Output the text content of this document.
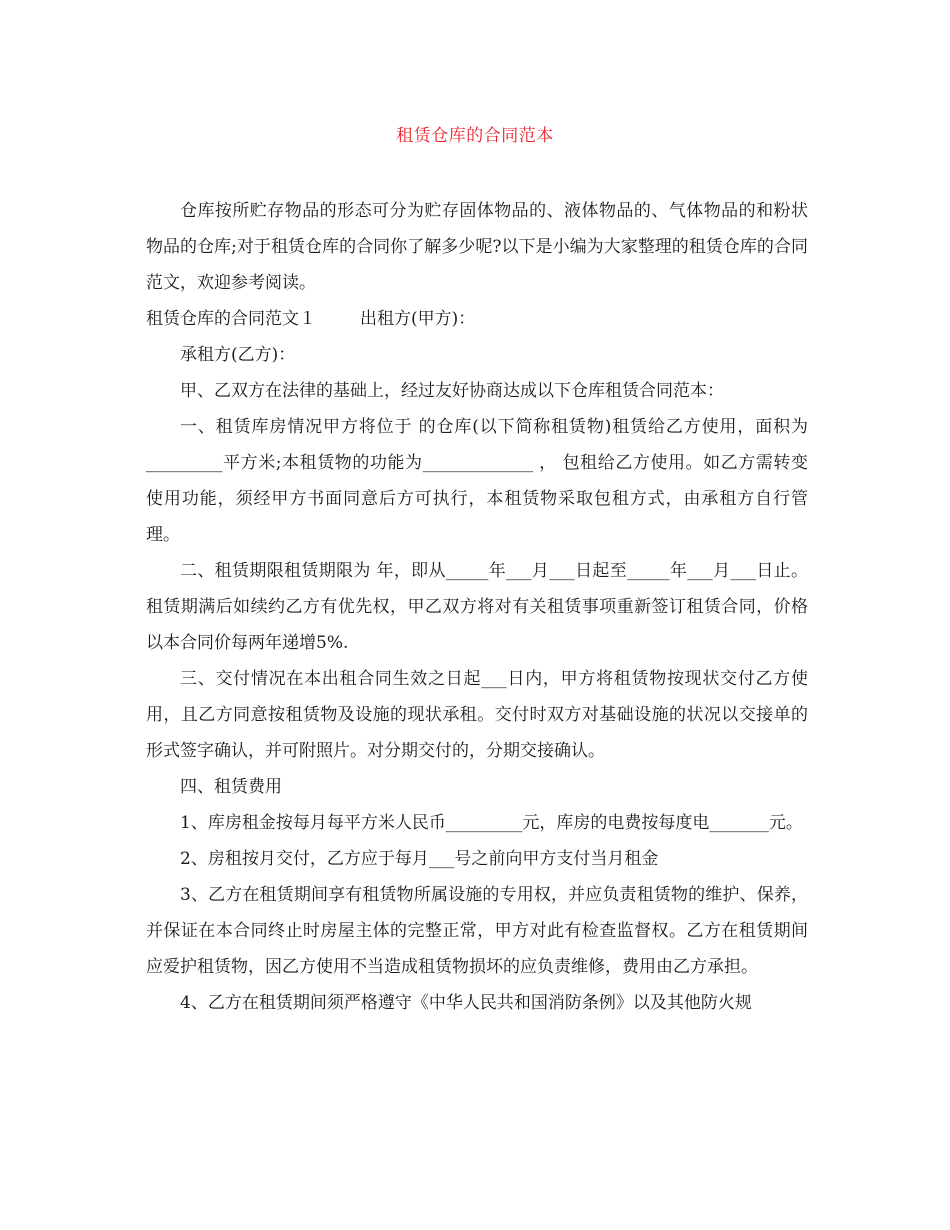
租赁仓库的合同范本

仓库按所贮存物品的形态可分为贮存固体物品的、液体物品的、气体物品的和粉状物品的仓库;对于租赁仓库的合同你了解多少呢?以下是小编为大家整理的租赁仓库的合同范文，欢迎参考阅读。

租赁仓库的合同范文１	出租方(甲方)：

承租方(乙方)：

甲、乙双方在法律的基础上，经过友好协商达成以下仓库租赁合同范本：

一、租赁库房情况甲方将位于 的仓库(以下简称租赁物)租赁给乙方使用，面积为_________平方米;本租赁物的功能为_____________ ， 包租给乙方使用。如乙方需转变使用功能，须经甲方书面同意后方可执行，本租赁物采取包租方式，由承租方自行管理。

二、租赁期限租赁期限为 年，即从_____年___月___日起至_____年___月___日止。租赁期满后如续约乙方有优先权，甲乙双方将对有关租赁事项重新签订租赁合同，价格以本合同价每两年递增5%.

三、交付情况在本出租合同生效之日起___日内，甲方将租赁物按现状交付乙方使用，且乙方同意按租赁物及设施的现状承租。交付时双方对基础设施的状况以交接单的形式签字确认，并可附照片。对分期交付的，分期交接确认。

四、租赁费用

1、库房租金按每月每平方米人民币_________元，库房的电费按每度电_______元。

2、房租按月交付，乙方应于每月___号之前向甲方支付当月租金

3、乙方在租赁期间享有租赁物所属设施的专用权，并应负责租赁物的维护、保养，并保证在本合同终止时房屋主体的完整正常，甲方对此有检查监督权。乙方在租赁期间应爱护租赁物，因乙方使用不当造成租赁物损坏的应负责维修，费用由乙方承担。

4、乙方在租赁期间须严格遵守《中华人民共和国消防条例》以及其他防火规
